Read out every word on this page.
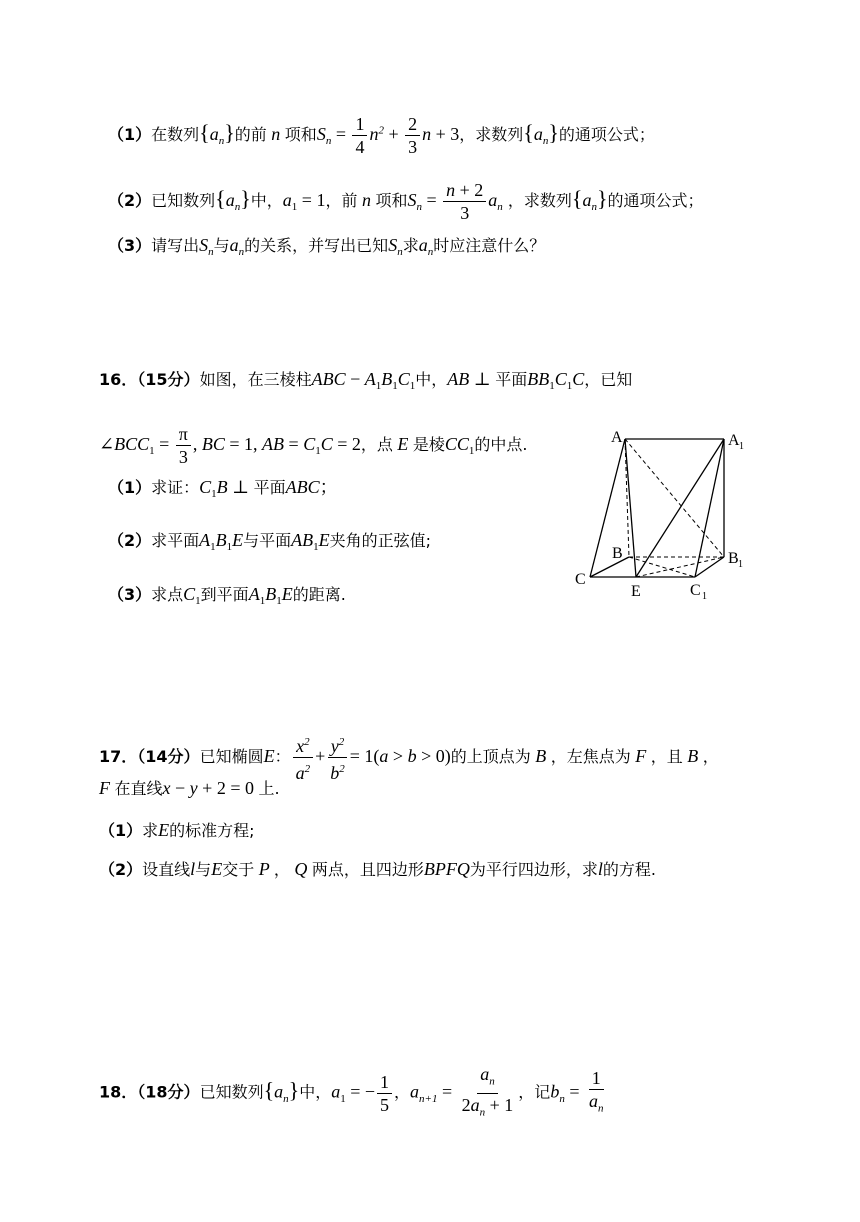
（1）在数列$\{a_n\}$的前 n 项和$S_n = \frac{1}{4} n^2 + \frac{2}{3}$ n + 3，求数列$\{a_n\}$的通项公式；
（2）已知数列$\{a_n\}$中，$a_1 = 1$，前 n 项和$S_n = \frac{n + 2}{3} a_n$ ，求数列$\{a_n\}$的通项公式；
（3）请写出$S_n$与$a_n$的关系，并写出已知$S_n$求$a_n$时应注意什么？
16．（15分）如图，在三棱柱ABC − $A_1B_1C_1$中，AB ⊥ 平面$BB_1C_1C$，已知
$\angle BCC_1 = \frac{\pi}{3}$ , BC = 1, AB = $C_1C = 2$，点 E 是棱$CC_1$的中点.
（1）求证：$C_1B$ ⊥ 平面ABC；
（2）求平面$A_1B_1E$与平面$AB_1E$夹角的正弦值;
（3）求点$C_1$到平面$A_1B_1E$的距离.
A	A 1
B	B 1
C
C 1
E
17．（14分）已知椭圆E： $\frac{x^2}{a^2} + \frac{y^2}{b^2} = 1(a > b > 0)$的上顶点为 B ，左焦点为 F ，且 B ，
F 在直线x − y + 2 = 0 上.
（1）求E的标准方程;
（2）设直线l与E交于 P ， Q 两点，且四边形BPFQ为平行四边形，求l的方程.
18．（18分）已知数列$\{a_n\}$中，$a_1$ = − $\frac{1}{5}$ ，$a_{n+1} = \frac{a_n}{2a_n + 1}$ ，记$b_n = \frac{1}{a_n}$
